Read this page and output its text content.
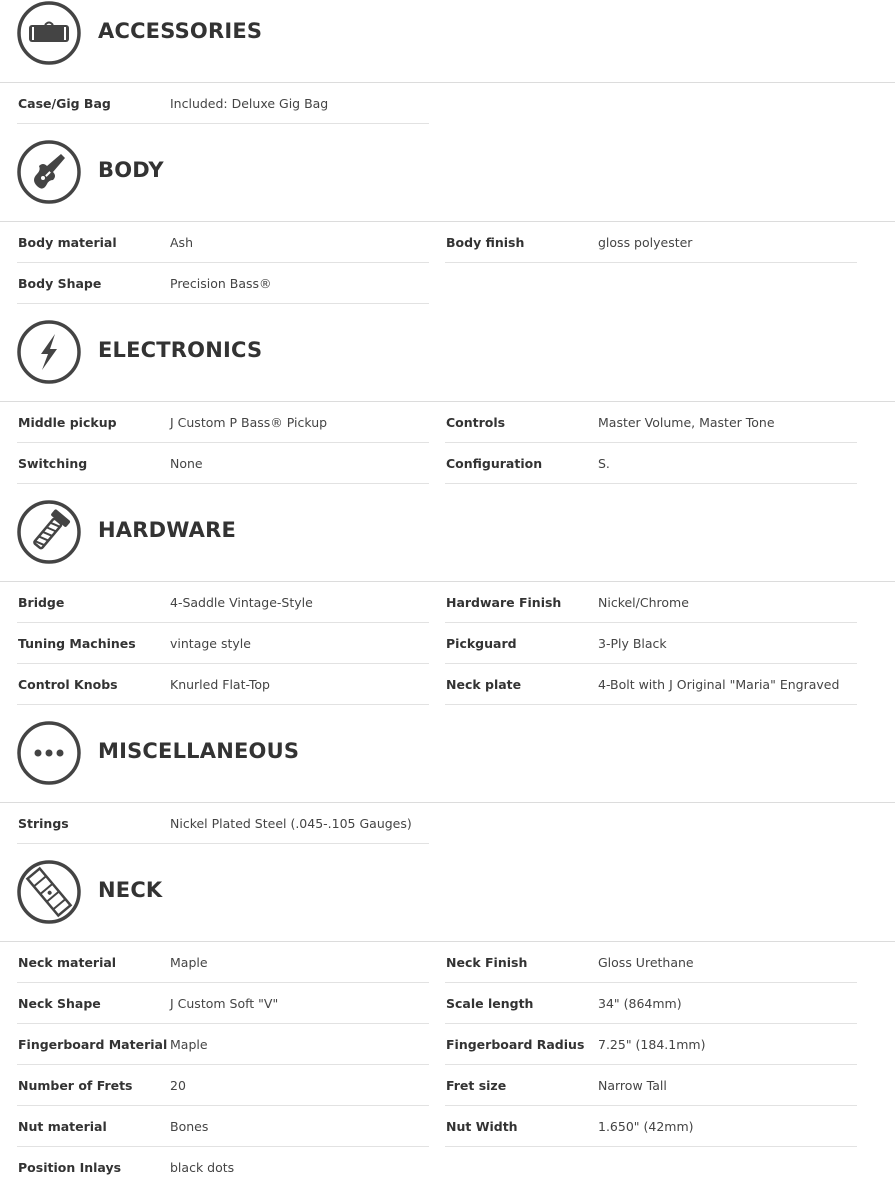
ACCESSORIES
Case/Gig Bag	Included: Deluxe Gig Bag
BODY
Body material	Ash
Body Shape	Precision Bass®
Body finish	gloss polyester
ELECTRONICS
Middle pickup	J Custom P Bass® Pickup
Switching	None
Controls	Master Volume, Master Tone
Configuration	S.
HARDWARE
Bridge	4-Saddle Vintage-Style
Tuning Machines	vintage style
Control Knobs	Knurled Flat-Top
Hardware Finish	Nickel/Chrome
Pickguard	3-Ply Black
Neck plate	4-Bolt with J Original "Maria" Engraved
MISCELLANEOUS
Strings	Nickel Plated Steel (.045-.105 Gauges)
NECK
Neck material	Maple
Neck Shape	J Custom Soft "V"
Fingerboard Material Maple
Number of Frets	20
Nut material	Bones
Position Inlays	black dots
Neck Finish	Gloss Urethane
Scale length	34" (864mm)
Fingerboard Radius 7.25" (184.1mm)
Fret size	Narrow Tall
Nut Width	1.650" (42mm)
